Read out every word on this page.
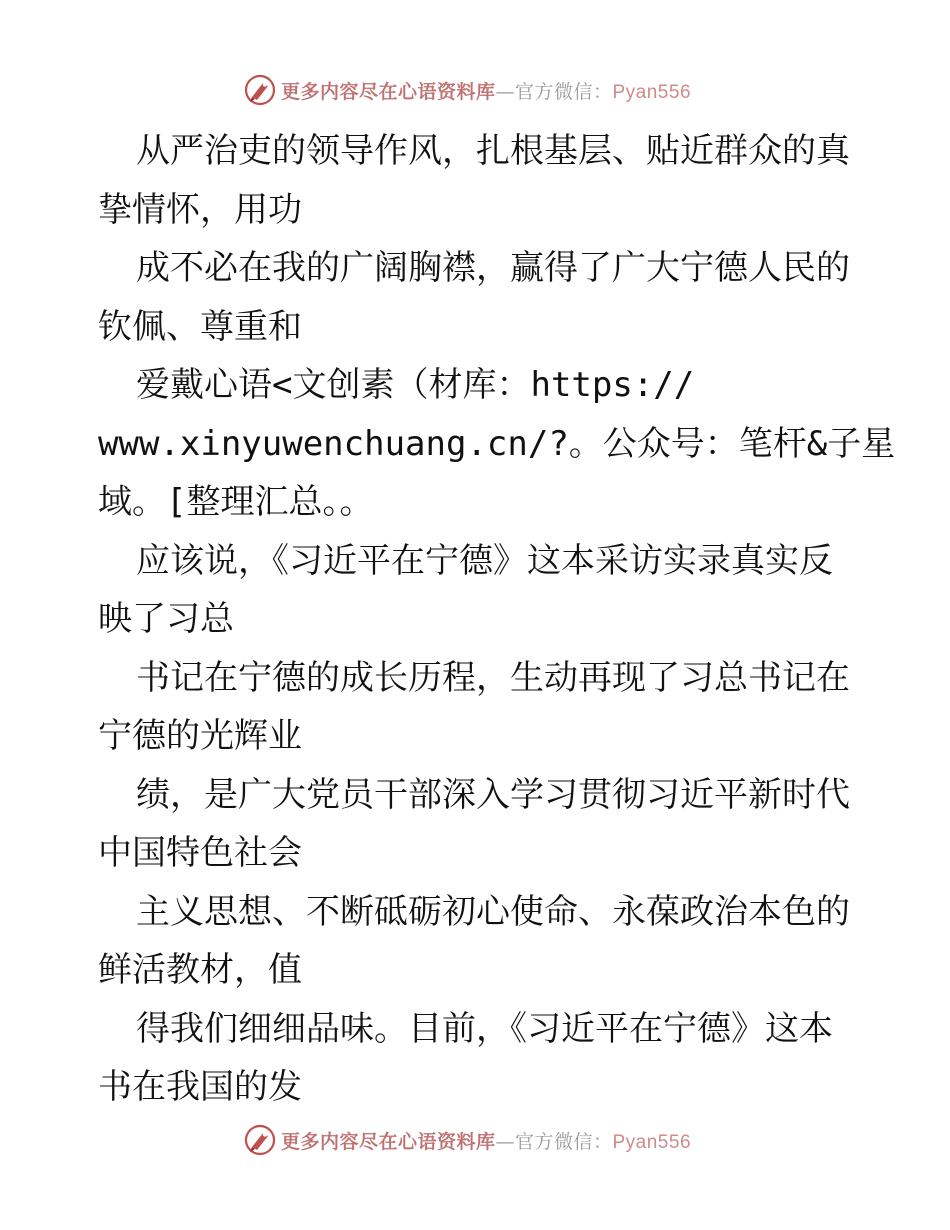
更多内容尽在心语资料库—官方微信：Pyan556
从严治吏的领导作风，扎根基层、贴近群众的真
挚情怀，用功
成不必在我的广阔胸襟，赢得了广大宁德人民的
钦佩、尊重和
爱戴心语<文创素（材库：https://
www.xinyuwenchuang.cn/?。公众号：笔杆&子星
域。[整理汇总。。
应该说，《习近平在宁德》这本采访实录真实反
映了习总
书记在宁德的成长历程，生动再现了习总书记在
宁德的光辉业
绩，是广大党员干部深入学习贯彻习近平新时代
中国特色社会
主义思想、不断砥砺初心使命、永葆政治本色的
鲜活教材，值
得我们细细品味。目前，《习近平在宁德》这本
书在我国的发
更多内容尽在心语资料库—官方微信：Pyan556
